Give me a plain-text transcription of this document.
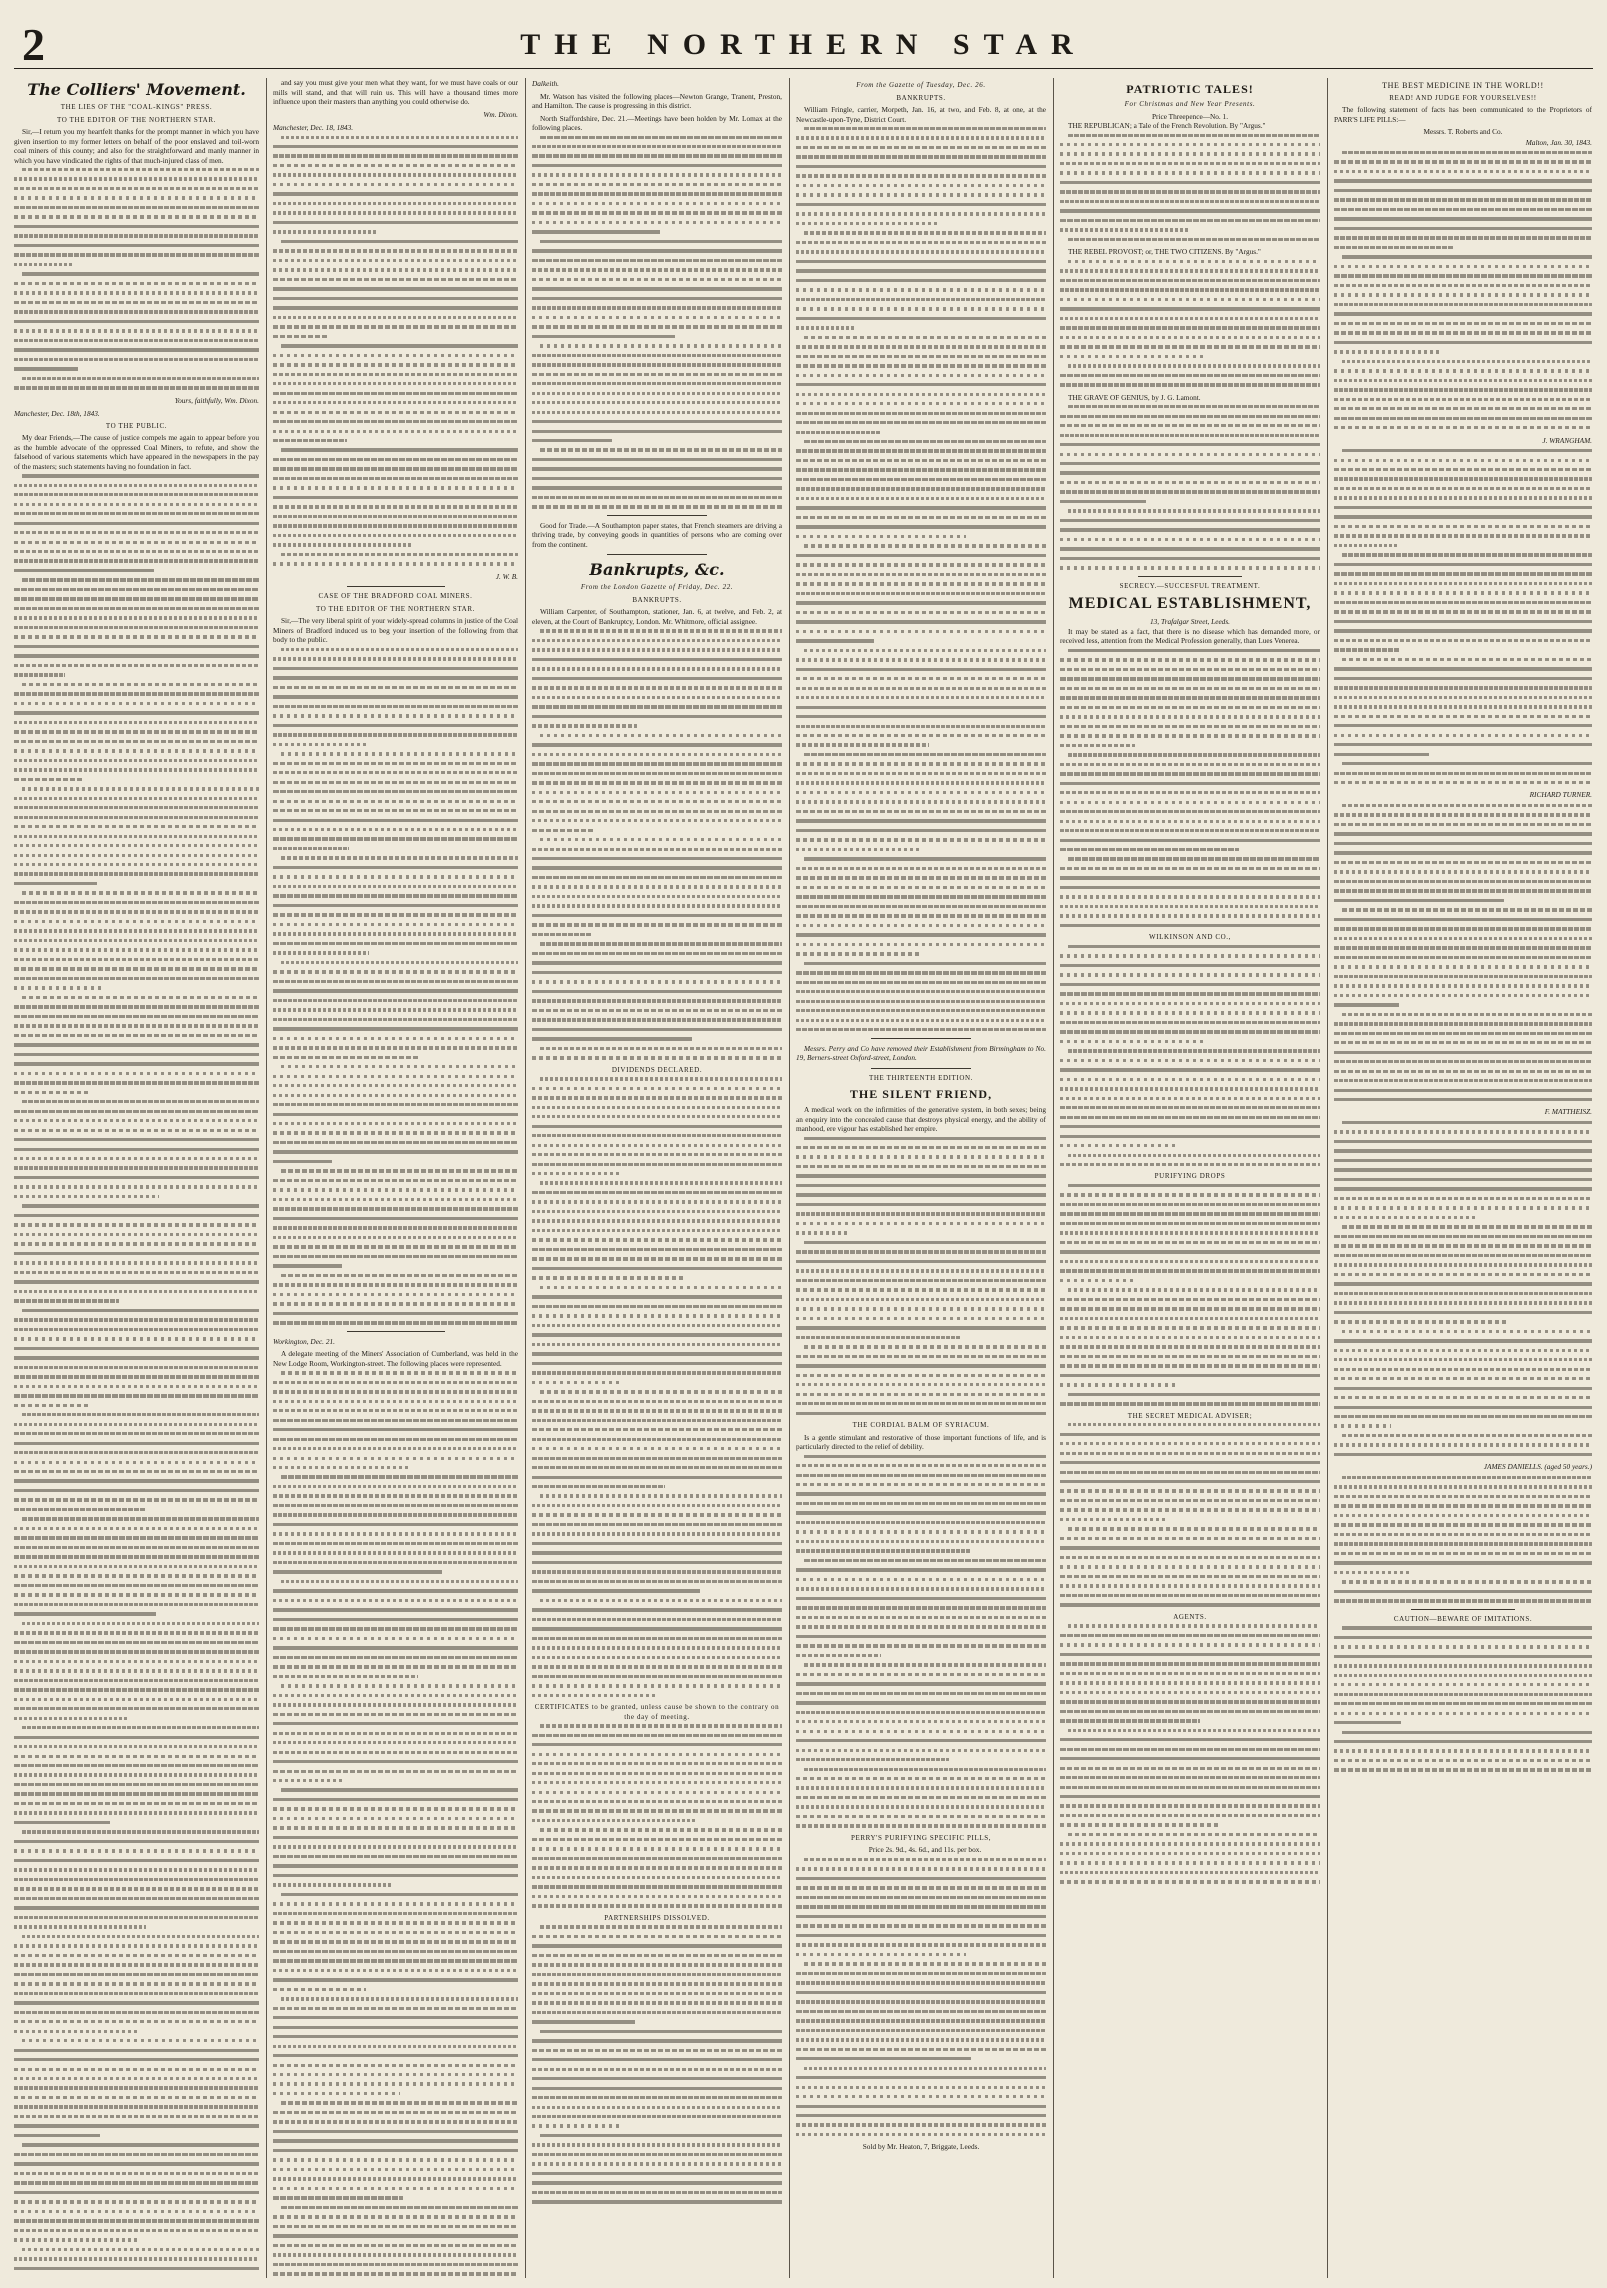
2	THE NORTHERN STAR
The Colliers' Movement.
THE LIES OF THE "COAL-KINGS" PRESS.
TO THE EDITOR OF THE NORTHERN STAR.

Sir,—I return you my heartfelt thanks for the prompt manner in which you have given insertion to my former letters on behalf of the poor enslaved and toil-worn coal miners of this county; and also for the straightforward and manly manner in which you have vindicated the rights of that much-injured class of men.

Yours, faithfully, Wm. Dixon.
Manchester, Dec. 18th, 1843.
TO THE PUBLIC.

My dear Friends,—The cause of justice compels me again to appear before you as the humble advocate of the oppressed Coal Miners, to refute, and show the falsehood of various statements which have appeared in the newspapers in the pay of the masters; such statements having no foundation in fact.

and say you must give your men what they want, for we must have coals or our mills will stand, and that will ruin us. This will have a thousand times more influence upon their masters than anything you could otherwise do.

Wm. Dixon.
Manchester, Dec. 18, 1843.
J. W. B.
CASE OF THE BRADFORD COAL MINERS.
TO THE EDITOR OF THE NORTHERN STAR.

Sir,—The very liberal spirit of your widely-spread columns in justice of the Coal Miners of Bradford induced us to beg your insertion of the following from that body to the public.

Workington, Dec. 21.

A delegate meeting of the Miners' Association of Cumberland, was held in the New Lodge Room, Workington-street. The following places were represented.

Dalkeith.

Mr. Watson has visited the following places—Newton Grange, Tranent, Preston, and Hamilton. The cause is progressing in this district.

North Staffordshire, Dec. 21.—Meetings have been holden by Mr. Lomax at the following places.

Good for Trade.—A Southampton paper states, that French steamers are driving a thriving trade, by conveying goods in quantities of persons who are coming over from the continent.

Bankrupts, &c.
From the London Gazette of Friday, Dec. 22.
BANKRUPTS.

William Carpenter, of Southampton, stationer, Jan. 6, at twelve, and Feb. 2, at eleven, at the Court of Bankruptcy, London. Mr. Whitmore, official assignee.

DIVIDENDS DECLARED.
CERTIFICATES to be granted, unless cause be shown to the contrary on the day of meeting.
PARTNERSHIPS DISSOLVED.
From the Gazette of Tuesday, Dec. 26.
BANKRUPTS.

William Fringle, carrier, Morpeth, Jan. 16, at two, and Feb. 8, at one, at the Newcastle-upon-Tyne, District Court.

Messrs. Perry and Co have removed their Establishment from Birmingham to No. 19, Berners-street Oxford-street, London.

THE THIRTEENTH EDITION.
THE SILENT FRIEND,

A medical work on the infirmities of the generative system, in both sexes; being an enquiry into the concealed cause that destroys physical energy, and the ability of manhood, ere vigour has established her empire.

THE CORDIAL BALM OF SYRIACUM.

Is a gentle stimulant and restorative of those important functions of life, and is particularly directed to the relief of debility.

PERRY'S PURIFYING SPECIFIC PILLS,

Price 2s. 9d., 4s. 6d., and 11s. per box.

Sold by Mr. Heaton, 7, Briggate, Leeds.
PATRIOTIC TALES!
For Christmas and New Year Presents.
Price Threepence—No. 1.

THE REPUBLICAN; a Tale of the French Revolution. By "Argus."

THE REBEL PROVOST; or, THE TWO CITIZENS. By "Argus."

THE GRAVE OF GENIUS, by J. G. Lamont.

SECRECY.—SUCCESFUL TREATMENT.
MEDICAL ESTABLISHMENT,
13, Trafalgar Street, Leeds.

It may be stated as a fact, that there is no disease which has demanded more, or received less, attention from the Medical Profession generally, than Lues Venerea.

WILKINSON AND CO.,
PURIFYING DROPS
THE SECRET MEDICAL ADVISER;
AGENTS.
THE BEST MEDICINE IN THE WORLD!!
READ! AND JUDGE FOR YOURSELVES!!

The following statement of facts has been communicated to the Proprietors of PARR'S LIFE PILLS:—

Messrs. T. Roberts and Co.
Malton, Jan. 30, 1843.
J. WRANGHAM.
RICHARD TURNER.
F. MATTHEISZ.
JAMES DANIELLS. (aged 50 years.)
CAUTION—BEWARE OF IMITATIONS.
